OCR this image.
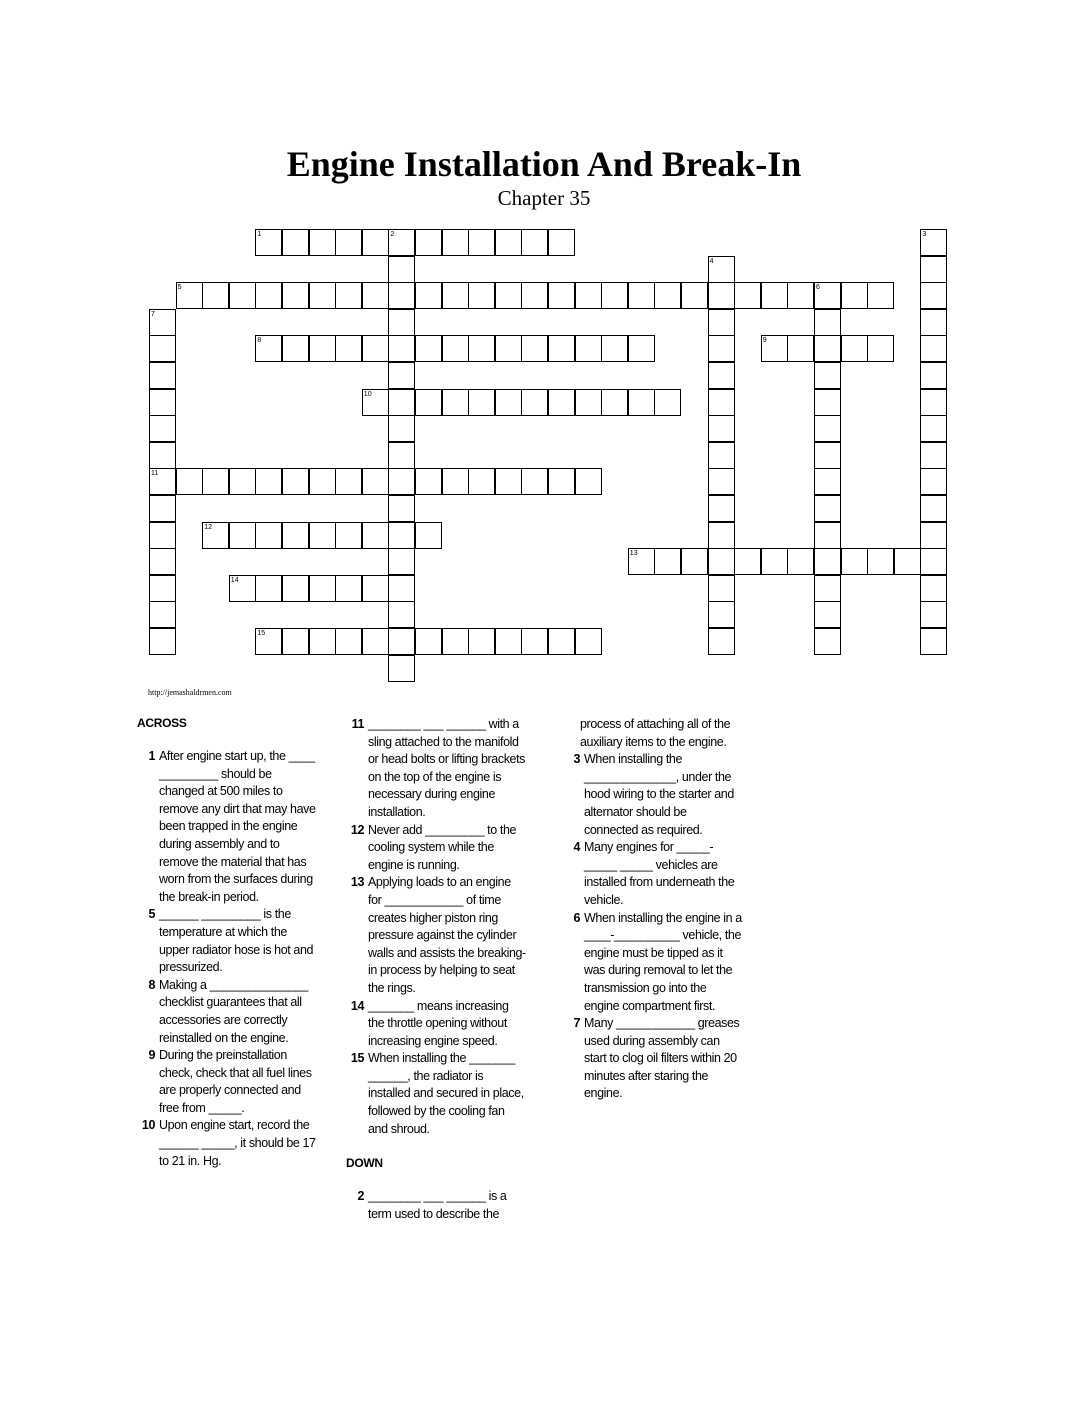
Engine Installation And Break-In
Chapter 35
1
5
8	9
10
11
12
13
14
15
2	3
4
6
7
http://jemashaldrmen.com
ACROSS
1 After engine start up, the ____ _________ should be changed at 500 miles to remove any dirt that may have been trapped in the engine during assembly and to remove the material that has worn from the surfaces during the break-in period.
5 ______ _________ is the temperature at which the upper radiator hose is hot and pressurized.
8 Making a _______________ checklist guarantees that all accessories are correctly reinstalled on the engine.
9 During the preinstallation check, check that all fuel lines are properly connected and free from _____.
10 Upon engine start, record the ______ _____, it should be 17 to 21 in. Hg.
11 ________ ___ ______ with a sling attached to the manifold or head bolts or lifting brackets on the top of the engine is necessary during engine installation.
12 Never add _________ to the cooling system while the engine is running.
13 Applying loads to an engine for ____________ of time creates higher piston ring pressure against the cylinder walls and assists the breaking-in process by helping to seat the rings.
14 _______ means increasing the throttle opening without increasing engine speed.
15 When installing the _______ ______, the radiator is installed and secured in place, followed by the cooling fan and shroud.
DOWN
2 ________ ___ ______ is a term used to describe the
process of attaching all of the auxiliary items to the engine.
3 When installing the ______________, under the hood wiring to the starter and alternator should be connected as required.
4 Many engines for _____-_____ _____ vehicles are installed from underneath the vehicle.
6 When installing the engine in a ____-__________ vehicle, the engine must be tipped as it was during removal to let the transmission go into the engine compartment first.
7 Many ____________ greases used during assembly can start to clog oil filters within 20 minutes after staring the engine.
